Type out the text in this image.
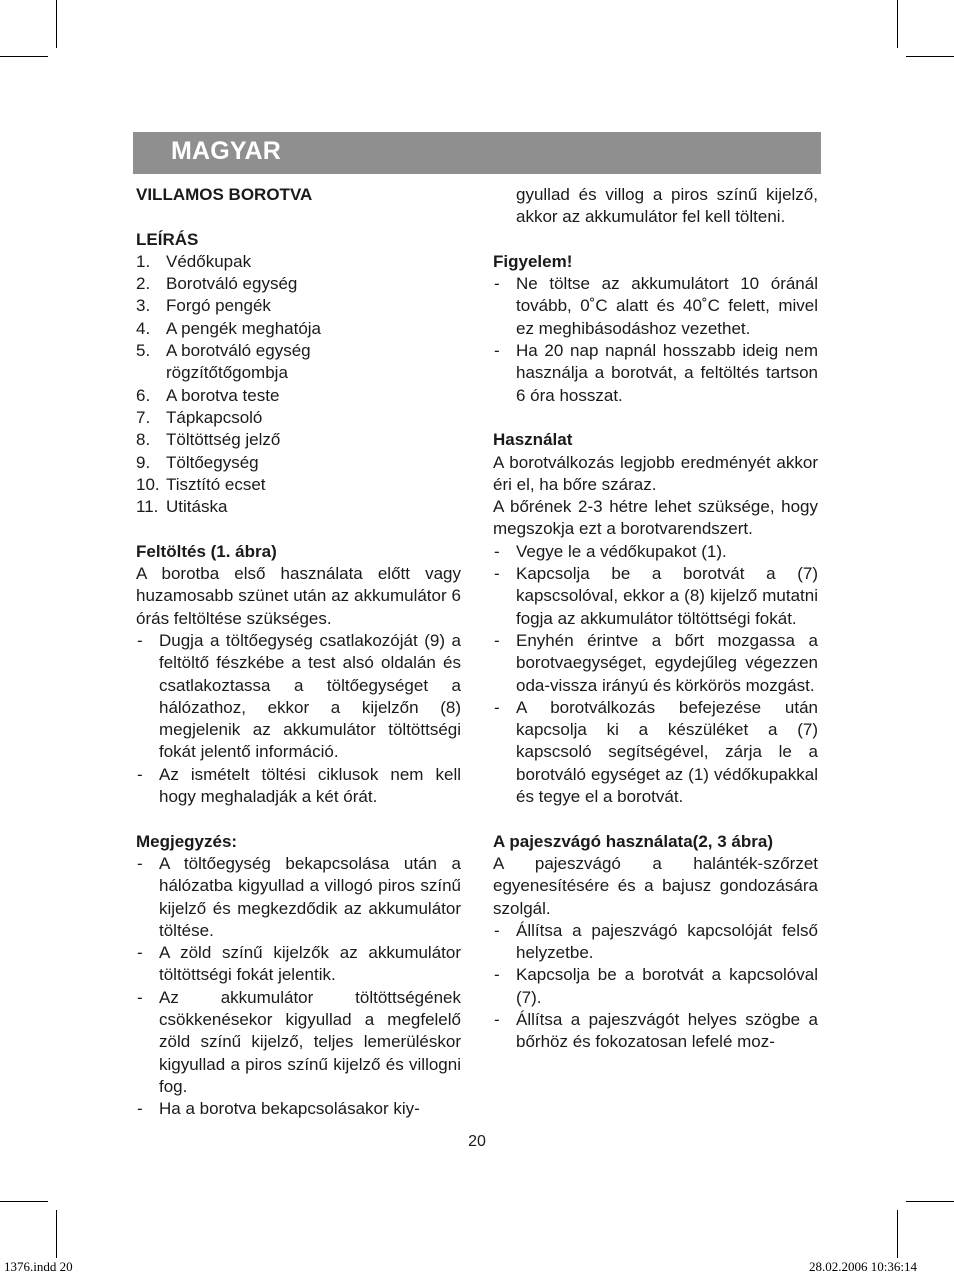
MAGYAR
VILLAMOS BOROTVA
LEÍRÁS
1. Védőkupak
2. Borotváló egység
3. Forgó pengék
4. A pengék meghatója
5. A borotváló egység rögzítőtőgombja
6. A borotva teste
7. Tápkapcsoló
8. Töltöttség jelző
9. Töltőegység
10. Tisztító ecset
11. Utitáska
Feltöltés (1. ábra)
A borotba első használata előtt vagy huzamosabb szünet után az akkumulátor 6 órás feltöltése szükséges.
- Dugja a töltőegység csatlakozóját (9) a feltöltő fészkébe a test alsó oldalán és csatlakoztassa a töltőegységet a hálózathoz, ekkor a kijelzőn (8) megjelenik az akkumulátor töltöttségi fokát jelentő információ.
- Az ismételt töltési ciklusok nem kell hogy meghaladják a két órát.
Megjegyzés:
- A töltőegység bekapcsolása után a hálózatba kigyullad a villogó piros színű kijelző és megkezdődik az akkumulátor töltése.
- A zöld színű kijelzők az akkumulátor töltöttségi fokát jelentik.
- Az akkumulátor töltöttségének csökkenésekor kigyullad a megfelelő zöld színű kijelző, teljes lemerüléskor kigyullad a piros színű kijelző és villogni fog.
- Ha a borotva bekapcsolásakor kiy-
gyullad és villog a piros színű kijelző, akkor az akkumulátor fel kell tölteni.
Figyelem!
- Ne töltse az akkumulátort 10 óránál tovább, 0˚C alatt és 40˚C felett, mivel ez meghibásodáshoz vezethet.
- Ha 20 nap napnál hosszabb ideig nem használja a borotvát, a feltöltés tartson 6 óra hosszat.
Használat
A borotválkozás legjobb eredményét akkor éri el, ha bőre száraz.
A bőrének 2-3 hétre lehet szüksége, hogy megszokja ezt a borotvarendszert.
- Vegye le a védőkupakot (1).
- Kapcsolja be a borotvát a (7) kapscsolóval, ekkor a (8) kijelző mutatni fogja az akkumulátor töltöttségi fokát.
- Enyhén érintve a bőrt mozgassa a borotvaegységet, egydejűleg végezzen oda-vissza irányú és körkörös mozgást.
- A borotválkozás befejezése után kapcsolja ki a készüléket a (7) kapscsoló segítségével, zárja le a borotváló egységet az (1) védőkupakkal és tegye el a borotvát.
A pajeszvágó használata(2, 3 ábra)
A pajeszvágó a halánték-szőrzet egyenesítésére és a bajusz gondozására szolgál.
- Állítsa a pajeszvágó kapcsolóját felső helyzetbe.
- Kapcsolja be a borotvát a kapcsolóval (7).
- Állítsa a pajeszvágót helyes szögbe a bőrhöz és fokozatosan lefelé moz-
20
1376.indd 20	28.02.2006 10:36:14
